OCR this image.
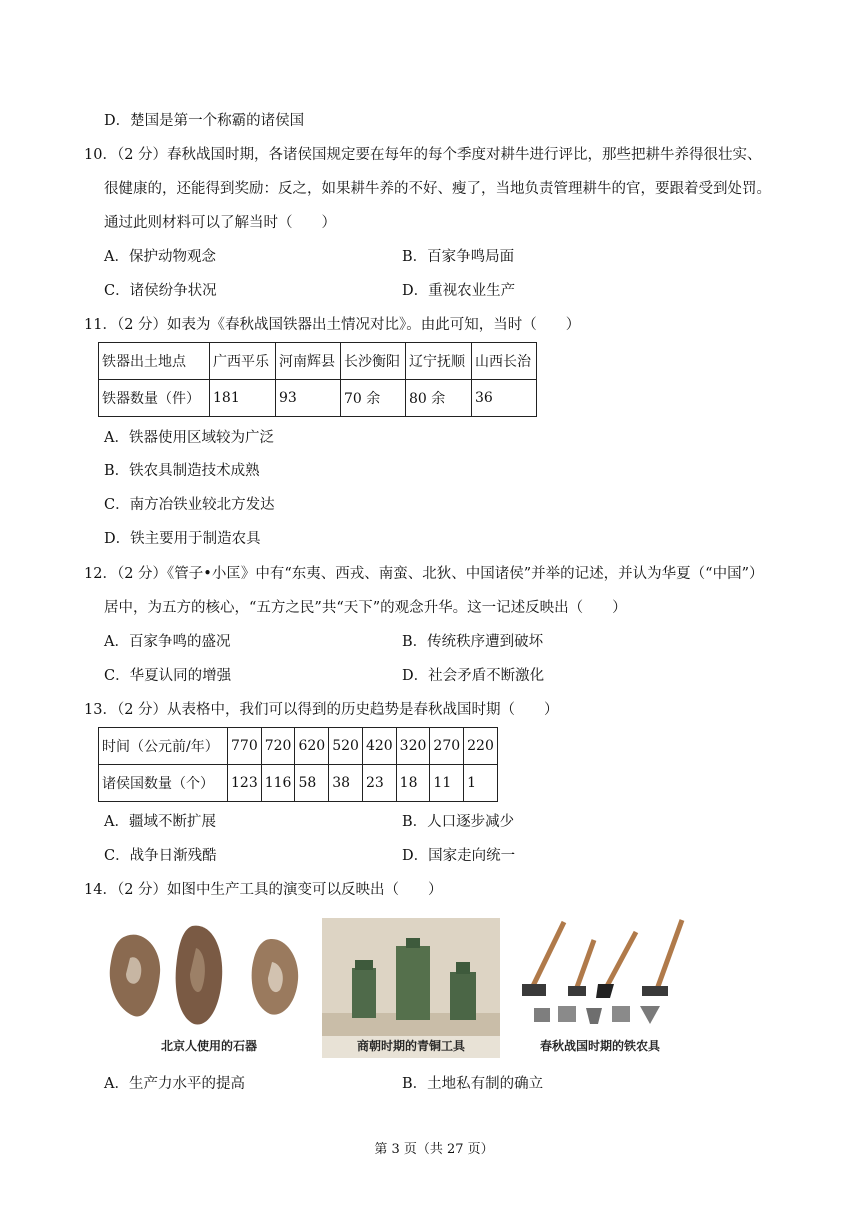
D．楚国是第一个称霸的诸侯国
10．（2 分）春秋战国时期，各诸侯国规定要在每年的每个季度对耕牛进行评比，那些把耕牛养得很壮实、
很健康的，还能得到奖励：反之，如果耕牛养的不好、瘦了，当地负责管理耕牛的官，要跟着受到处罚。
通过此则材料可以了解当时（　　）
A．保护动物观念	B．百家争鸣局面
C．诸侯纷争状况	D．重视农业生产
11．（2 分）如表为《春秋战国铁器出土情况对比》。由此可知，当时（　　）
铁器出土地点	广西平乐	河南辉县	长沙衡阳	辽宁抚顺	山西长治
铁器数量（件）	181	93	70 余	80 余	36
A．铁器使用区域较为广泛
B．铁农具制造技术成熟
C．南方冶铁业较北方发达
D．铁主要用于制造农具
12．（2 分）《管子•小匡》中有“东夷、西戎、南蛮、北狄、中国诸侯”并举的记述，并认为华夏（“中国”）
居中，为五方的核心，“五方之民”共“天下”的观念升华。这一记述反映出（　　）
A．百家争鸣的盛况	B．传统秩序遭到破坏
C．华夏认同的增强	D．社会矛盾不断激化
13．（2 分）从表格中，我们可以得到的历史趋势是春秋战国时期（　　）
时间（公元前/年）	770	720	620	520	420	320	270	220
诸侯国数量（个）	123	116	58	38	23	18	11	1
A．疆域不断扩展	B．人口逐步减少
C．战争日渐残酷	D．国家走向统一
14．（2 分）如图中生产工具的演变可以反映出（　　）
北京人使用的石器	商朝时期的青铜工具	春秋战国时期的铁农具
A．生产力水平的提高	B．土地私有制的确立
第 3 页（共 27 页）
